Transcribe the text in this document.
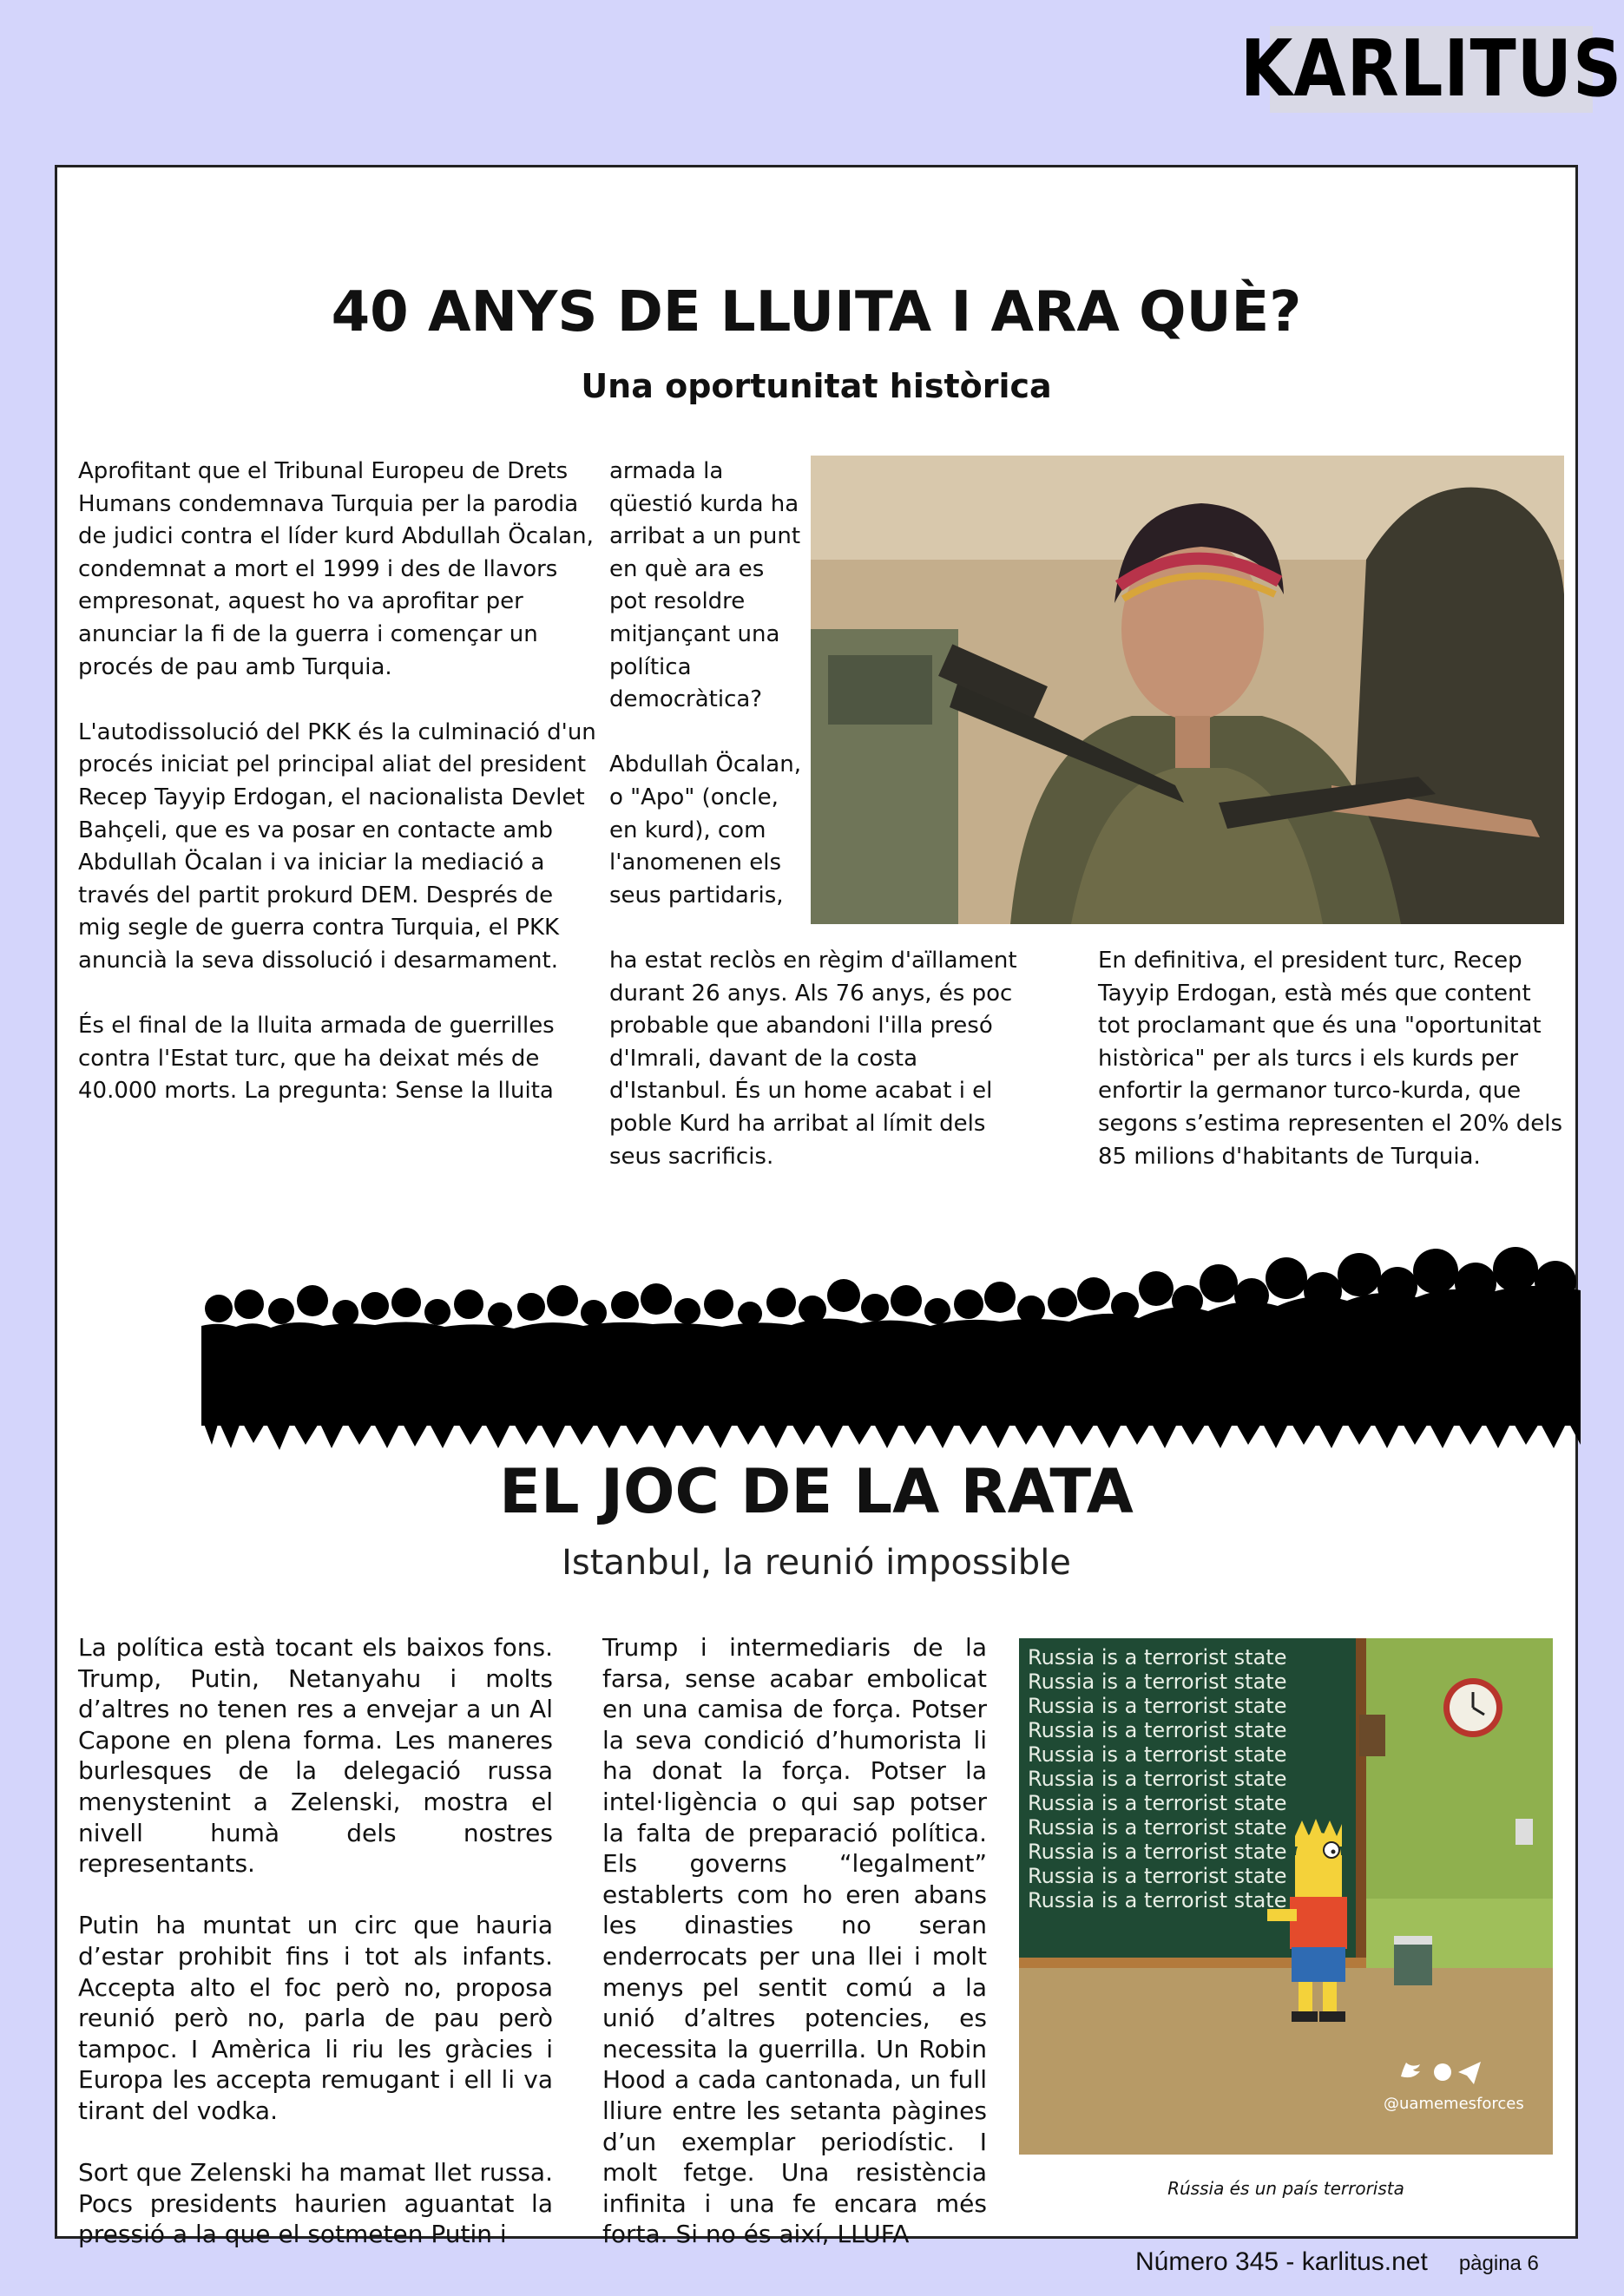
KARLITUS
40 ANYS DE LLUITA I ARA QUÈ?
Una oportunitat històrica

Aprofitant que el Tribunal Europeu de Drets Humans condemnava Turquia per la parodia de judici contra el líder kurd Abdullah Öcalan, condemnat a mort el 1999 i des de llavors empresonat, aquest ho va aprofitar per anunciar la fi de la guerra i començar un procés de pau amb Turquia.

L'autodissolució del PKK és la culminació d'un procés iniciat pel principal aliat del president Recep Tayyip Erdogan, el nacionalista Devlet Bahçeli, que es va posar en contacte amb Abdullah Öcalan i va iniciar la mediació a través del partit prokurd DEM. Després de mig segle de guerra contra Turquia, el PKK anuncià la seva dissolució i desarmament.

És el final de la lluita armada de guerrilles contra l'Estat turc, que ha deixat més de 40.000 morts. La pregunta: Sense la lluita

armada la qüestió kurda ha arribat a un punt en què ara es pot resoldre mitjançant una política democràtica?

Abdullah Öcalan, o "Apo" (oncle, en kurd), com l'anomenen els seus partidaris,

ha estat reclòs en règim d'aïllament durant 26 anys. Als 76 anys, és poc probable que abandoni l'illa presó d'Imrali, davant de la costa d'Istanbul. És un home acabat i el poble Kurd ha arribat al límit dels seus sacrificis.
En definitiva, el president turc, Recep Tayyip Erdogan, està més que content tot proclamant que és una "oportunitat històrica" per als turcs i els kurds per enfortir la germanor turco-kurda, que segons s’estima representen el 20% dels 85 milions d'habitants de Turquia.
EL JOC DE LA RATA
Istanbul, la reunió impossible

La política està tocant els baixos fons. Trump, Putin, Netanyahu i molts d’altres no tenen res a envejar a un Al Capone en plena forma. Les maneres burlesques de la delegació russa menystenint a Zelenski, mostra el nivell humà dels nostres representants.

Putin ha muntat un circ que hauria d’estar prohibit fins i tot als infants. Accepta alto el foc però no, proposa reunió però no, parla de pau però tampoc. I Amèrica li riu les gràcies i Europa les accepta remugant i ell li va tirant del vodka.

Sort que Zelenski ha mamat llet russa. Pocs presidents haurien aguantat la pressió a la que el sotmeten Putin i

Trump i intermediaris de la farsa, sense acabar embolicat en una camisa de força. Potser la seva condició d’humorista li ha donat la força. Potser la intel·ligència o qui sap potser la falta de preparació política. Els governs “legalment” establerts com ho eren abans les dinasties no seran enderrocats per una llei i molt menys pel sentit comú a la unió d’altres potencies, es necessita la guerrilla. Un Robin Hood a cada cantonada, un full lliure entre les setanta pàgines d’un exemplar periodístic. I molt fetge. Una resistència infinita i una fe encara més forta. Si no és així, LLUFA
Russia is a terrorist state
Russia is a terrorist state
Russia is a terrorist state
Russia is a terrorist state
Russia is a terrorist state
Russia is a terrorist state
Russia is a terrorist state
Russia is a terrorist state
Russia is a terrorist state
Russia is a terrorist state
Russia is a terrorist state
@uamemesforces
Rússia és un país terrorista
Número 345 - karlitus.net pàgina 6
